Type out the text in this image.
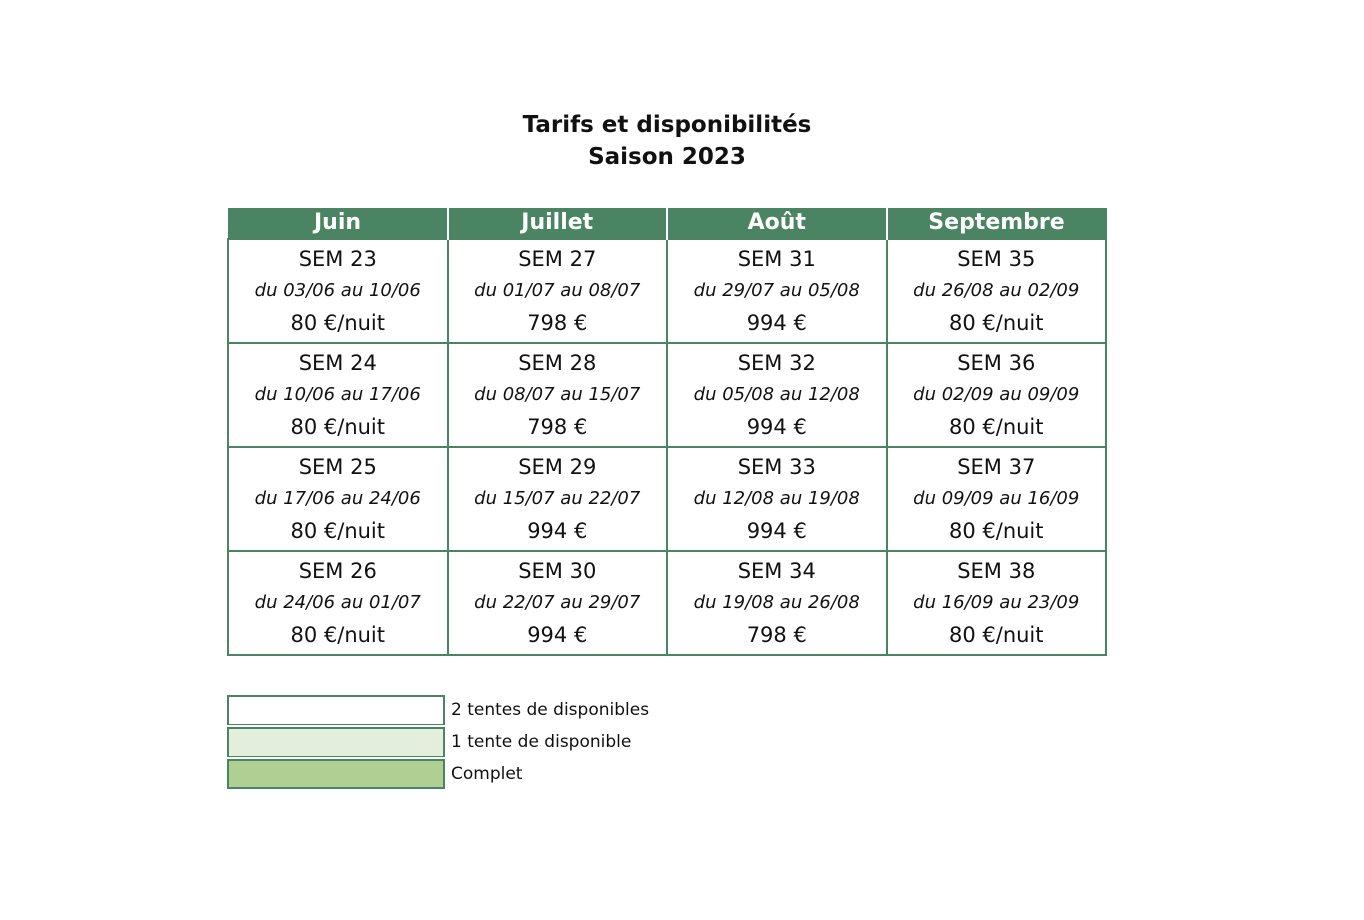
Tarifs et disponibilités
Saison 2023
Juin	Juillet	Août	Septembre

SEM 23
du 03/06 au 10/06
80 €/nuit	SEM 27
du 01/07 au 08/07
798 €	SEM 31
du 29/07 au 05/08
994 €	SEM 35
du 26/08 au 02/09
80 €/nuit

SEM 24
du 10/06 au 17/06
80 €/nuit	SEM 28
du 08/07 au 15/07
798 €	SEM 32
du 05/08 au 12/08
994 €	SEM 36
du 02/09 au 09/09
80 €/nuit

SEM 25
du 17/06 au 24/06
80 €/nuit	SEM 29
du 15/07 au 22/07
994 €	SEM 33
du 12/08 au 19/08
994 €	SEM 37
du 09/09 au 16/09
80 €/nuit

SEM 26
du 24/06 au 01/07
80 €/nuit	SEM 30
du 22/07 au 29/07
994 €	SEM 34
du 19/08 au 26/08
798 €	SEM 38
du 16/09 au 23/09
80 €/nuit
2 tentes de disponibles
1 tente de disponible
Complet
